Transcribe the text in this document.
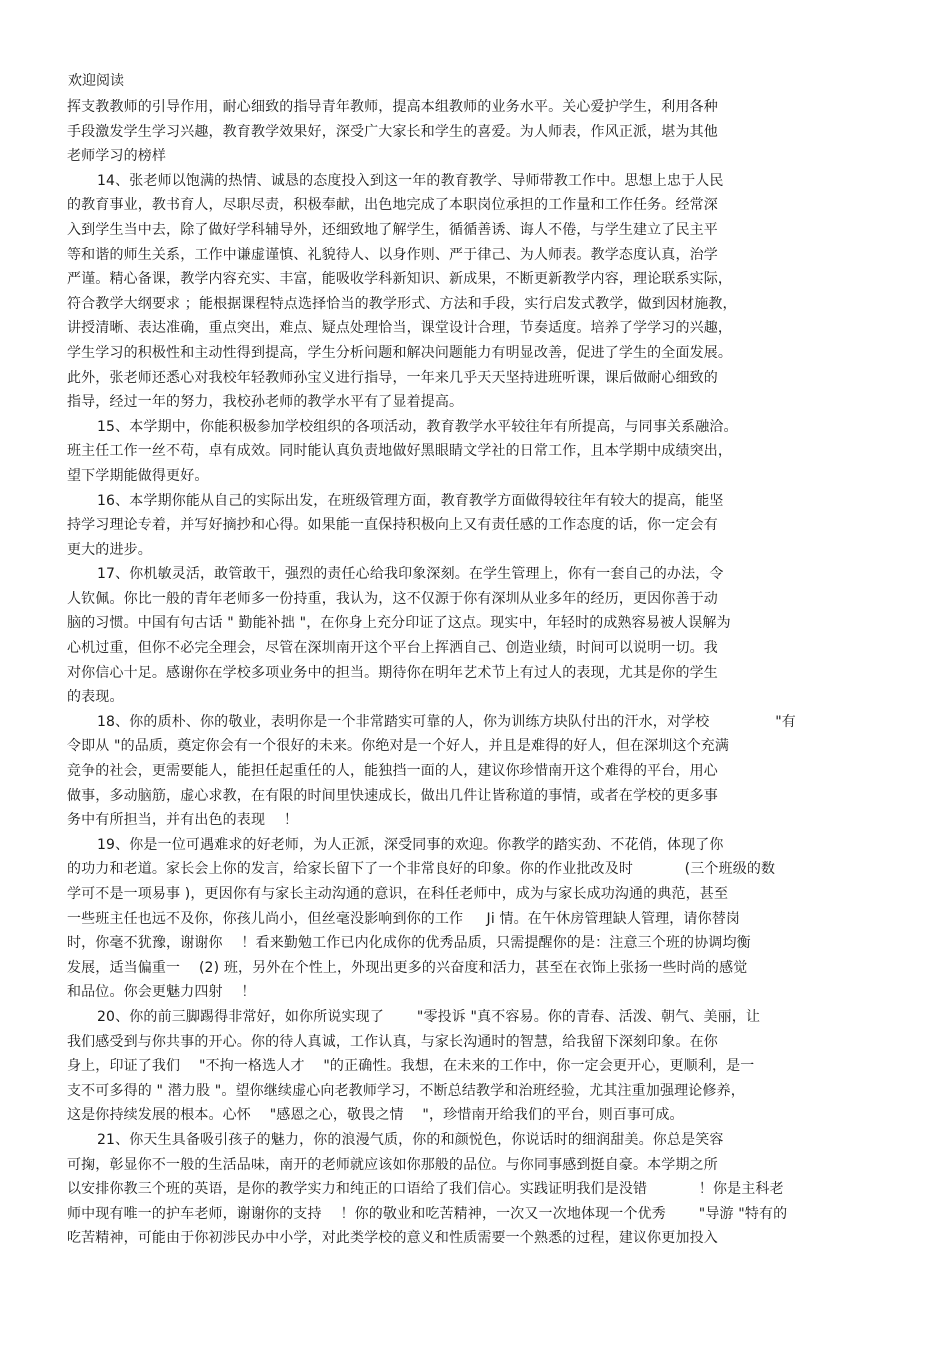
欢迎阅读
挥支教教师的引导作用，耐心细致的指导青年教师，提高本组教师的业务水平。关心爱护学生，利用各种
手段激发学生学习兴趣，教育教学效果好，深受广大家长和学生的喜爱。为人师表，作风正派，堪为其他
老师学习的榜样
14、张老师以饱满的热情、诚恳的态度投入到这一年的教育教学、导师带教工作中。思想上忠于人民
的教育事业，教书育人，尽职尽责，积极奉献，出色地完成了本职岗位承担的工作量和工作任务。经常深
入到学生当中去，除了做好学科辅导外，还细致地了解学生，循循善诱、诲人不倦，与学生建立了民主平
等和谐的师生关系，工作中谦虚谨慎、礼貌待人、以身作则、严于律己、为人师表。教学态度认真，治学
严谨。精心备课，教学内容充实、丰富，能吸收学科新知识、新成果，不断更新教学内容，理论联系实际，
符合教学大纲要求 ；能根据课程特点选择恰当的教学形式、方法和手段，实行启发式教学，做到因材施教，
讲授清晰、表达准确，重点突出，难点、疑点处理恰当，课堂设计合理，节奏适度。培养了学学习的兴趣，
学生学习的积极性和主动性得到提高，学生分析问题和解决问题能力有明显改善，促进了学生的全面发展。
此外，张老师还悉心对我校年轻教师孙宝义进行指导，一年来几乎天天坚持进班听课，课后做耐心细致的
指导，经过一年的努力，我校孙老师的教学水平有了显着提高。
15、本学期中，你能积极参加学校组织的各项活动，教育教学水平较往年有所提高，与同事关系融洽。
班主任工作一丝不苟，卓有成效。同时能认真负责地做好黑眼睛文学社的日常工作，且本学期中成绩突出，
望下学期能做得更好。
16、本学期你能从自己的实际出发，在班级管理方面，教育教学方面做得较往年有较大的提高，能坚
持学习理论专着，并写好摘抄和心得。如果能一直保持积极向上又有责任感的工作态度的话，你一定会有
更大的进步。
17、你机敏灵活，敢管敢干，强烈的责任心给我印象深刻。在学生管理上，你有一套自己的办法，令
人钦佩。你比一般的青年老师多一份持重，我认为，这不仅源于你有深圳从业多年的经历，更因你善于动
脑的习惯。中国有句古话 " 勤能补拙 "，在你身上充分印证了这点。现实中，年轻时的成熟容易被人误解为
心机过重，但你不必完全理会，尽管在深圳南开这个平台上挥洒自己、创造业绩，时间可以说明一切。我
对你信心十足。感谢你在学校多项业务中的担当。期待你在明年艺术节上有过人的表现，尤其是你的学生
的表现。
18、你的质朴、你的敬业，表明你是一个非常踏实可靠的人，你为训练方块队付出的汗水，对学校 　　　　 "有
令即从 "的品质，奠定你会有一个很好的未来。你绝对是一个好人，并且是难得的好人，但在深圳这个充满
竞争的社会，更需要能人，能担任起重任的人，能独挡一面的人，建议你珍惜南开这个难得的平台，用心
做事，多动脑筋，虚心求教，在有限的时间里快速成长，做出几件让皆称道的事情，或者在学校的更多事
务中有所担当，并有出色的表现 　！
19、你是一位可遇难求的好老师，为人正派，深受同事的欢迎。你教学的踏实劲、不花俏，体现了你
的功力和老道。家长会上你的发言，给家长留下了一个非常良好的印象。你的作业批改及时 　　　 (三个班级的数
学可不是一项易事 )，更因你有与家长主动沟通的意识，在科任老师中，成为与家长成功沟通的典范，甚至
一些班主任也远不及你，你孩儿尚小，但丝毫没影响到你的工作 　 Ji 情。在午休房管理缺人管理，请你替岗
时，你毫不犹豫，谢谢你 　！看来勤勉工作已内化成你的优秀品质，只需提醒你的是：注意三个班的协调均衡
发展，适当偏重一 　(2) 班，另外在个性上，外现出更多的兴奋度和活力，甚至在衣饰上张扬一些时尚的感觉
和品位。你会更魅力四射 　！
20、你的前三脚踢得非常好，如你所说实现了 　　"零投诉 "真不容易。你的青春、活泼、朝气、美丽，让
我们感受到与你共事的开心。你的待人真诚，工作认真，与家长沟通时的智慧，给我留下深刻印象。在你
身上，印证了我们 　"不拘一格选人才 　"的正确性。我想，在未来的工作中，你一定会更开心，更顺利，是一
支不可多得的 " 潜力股 "。望你继续虚心向老教师学习，不断总结教学和治班经验，尤其注重加强理论修养，
这是你持续发展的根本。心怀 　"感恩之心，敬畏之情 　"，珍惜南开给我们的平台，则百事可成。
21、你天生具备吸引孩子的魅力，你的浪漫气质，你的和颜悦色，你说话时的细润甜美。你总是笑容
可掬，彰显你不一般的生活品味，南开的老师就应该如你那般的品位。与你同事感到挺自豪。本学期之所
以安排你教三个班的英语，是你的教学实力和纯正的口语给了我们信心。实践证明我们是没错 　　　 ！你是主科老
师中现有唯一的护车老师，谢谢你的支持 　！你的敬业和吃苦精神，一次又一次地体现一个优秀 　　"导游 "特有的
吃苦精神，可能由于你初涉民办中小学，对此类学校的意义和性质需要一个熟悉的过程，建议你更加投入
